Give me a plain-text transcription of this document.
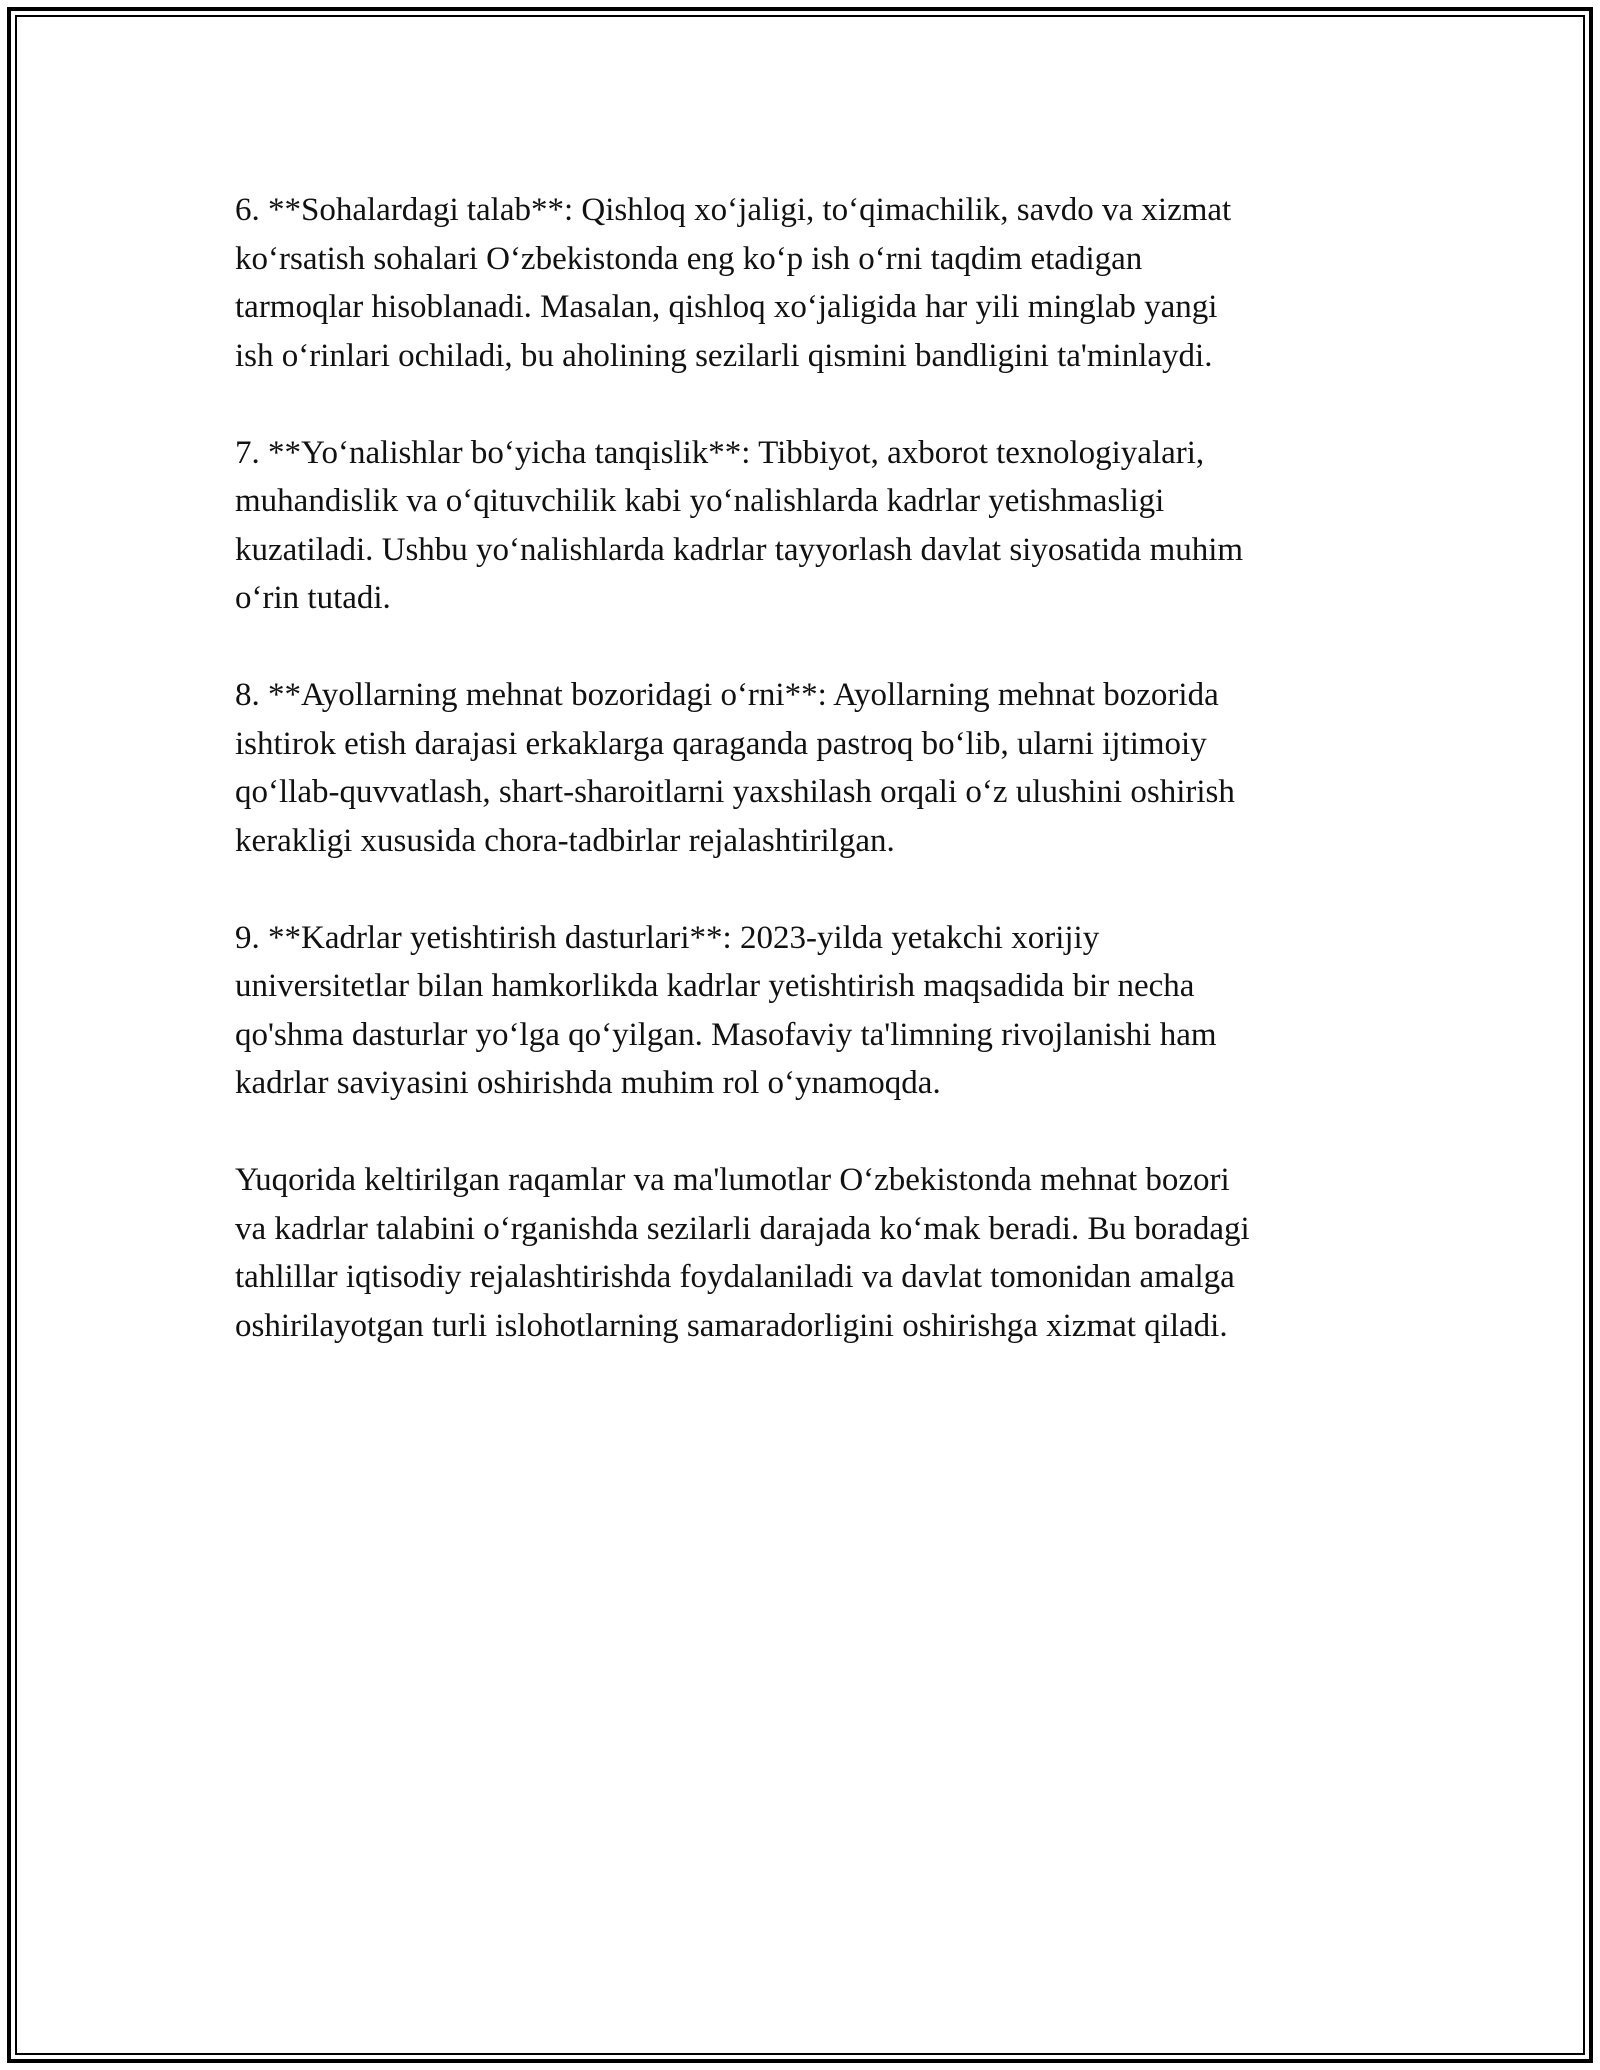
6. **Sohalardagi talab**: Qishloq xo‘jaligi, to‘qimachilik, savdo va xizmat
ko‘rsatish sohalari O‘zbekistonda eng ko‘p ish o‘rni taqdim etadigan
tarmoqlar hisoblanadi. Masalan, qishloq xo‘jaligida har yili minglab yangi
ish o‘rinlari ochiladi, bu aholining sezilarli qismini bandligini ta'minlaydi.

7. **Yo‘nalishlar bo‘yicha tanqislik**: Tibbiyot, axborot texnologiyalari,
muhandislik va o‘qituvchilik kabi yo‘nalishlarda kadrlar yetishmasligi
kuzatiladi. Ushbu yo‘nalishlarda kadrlar tayyorlash davlat siyosatida muhim
o‘rin tutadi.

8. **Ayollarning mehnat bozoridagi o‘rni**: Ayollarning mehnat bozorida
ishtirok etish darajasi erkaklarga qaraganda pastroq bo‘lib, ularni ijtimoiy
qo‘llab-quvvatlash, shart-sharoitlarni yaxshilash orqali o‘z ulushini oshirish
kerakligi xususida chora-tadbirlar rejalashtirilgan.

9. **Kadrlar yetishtirish dasturlari**: 2023-yilda yetakchi xorijiy
universitetlar bilan hamkorlikda kadrlar yetishtirish maqsadida bir necha
qo'shma dasturlar yo‘lga qo‘yilgan. Masofaviy ta'limning rivojlanishi ham
kadrlar saviyasini oshirishda muhim rol o‘ynamoqda.

Yuqorida keltirilgan raqamlar va ma'lumotlar O‘zbekistonda mehnat bozori
va kadrlar talabini o‘rganishda sezilarli darajada ko‘mak beradi. Bu boradagi
tahlillar iqtisodiy rejalashtirishda foydalaniladi va davlat tomonidan amalga
oshirilayotgan turli islohotlarning samaradorligini oshirishga xizmat qiladi.
